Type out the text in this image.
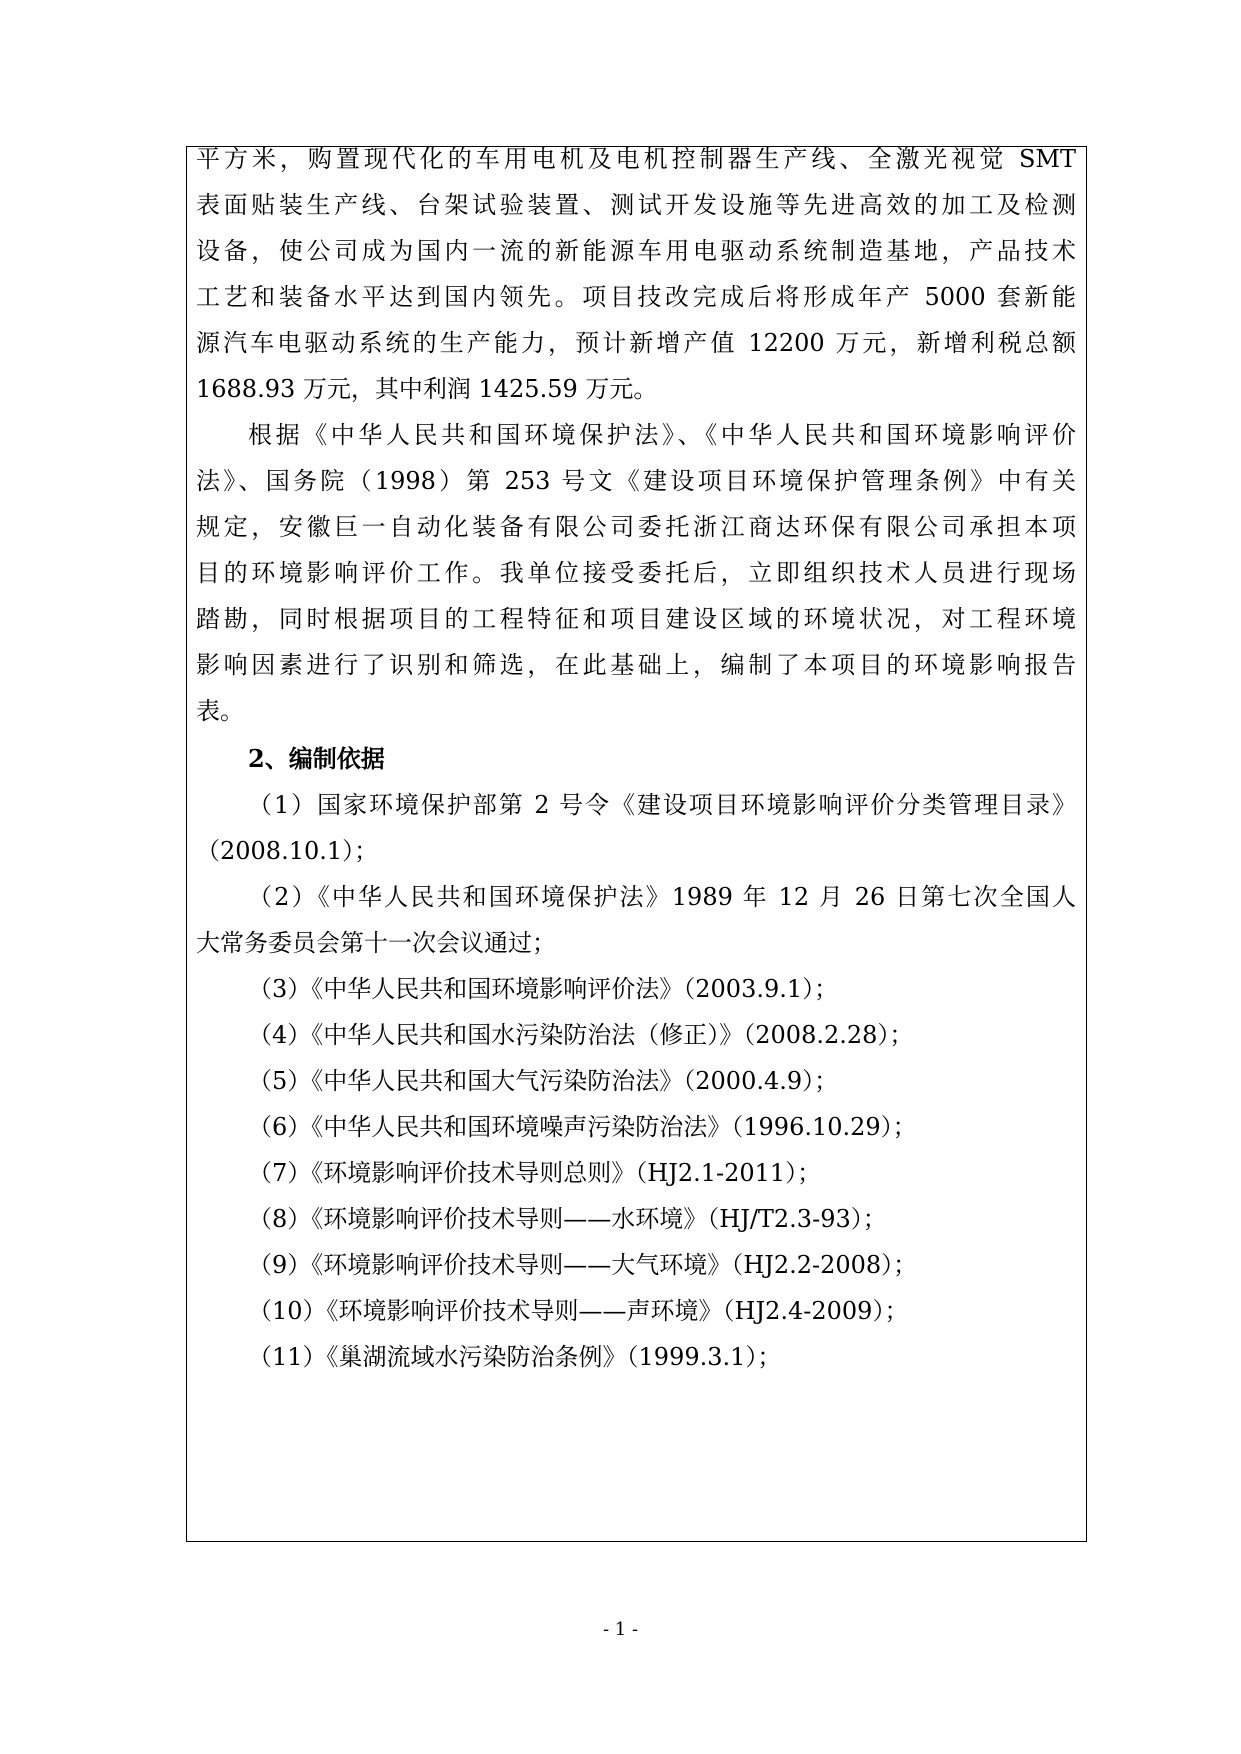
平方米，购置现代化的车用电机及电机控制器生产线、全激光视觉 SMT
表面贴装生产线、台架试验装置、测试开发设施等先进高效的加工及检测
设备，使公司成为国内一流的新能源车用电驱动系统制造基地，产品技术
工艺和装备水平达到国内领先。项目技改完成后将形成年产 5000 套新能
源汽车电驱动系统的生产能力，预计新增产值 12200 万元，新增利税总额
1688.93 万元，其中利润 1425.59 万元。
根据《中华人民共和国环境保护法》、《中华人民共和国环境影响评价
法》、国务院（1998）第 253 号文《建设项目环境保护管理条例》中有关
规定，安徽巨一自动化装备有限公司委托浙江商达环保有限公司承担本项
目的环境影响评价工作。我单位接受委托后，立即组织技术人员进行现场
踏勘，同时根据项目的工程特征和项目建设区域的环境状况，对工程环境
影响因素进行了识别和筛选，在此基础上，编制了本项目的环境影响报告
表。
2、编制依据
（1）国家环境保护部第 2 号令《建设项目环境影响评价分类管理目录》
（2008.10.1）；
（2）《中华人民共和国环境保护法》1989 年 12 月 26 日第七次全国人
大常务委员会第十一次会议通过；
（3）《中华人民共和国环境影响评价法》（2003.9.1）；
（4）《中华人民共和国水污染防治法（修正）》（2008.2.28）；
（5）《中华人民共和国大气污染防治法》（2000.4.9）；
（6）《中华人民共和国环境噪声污染防治法》（1996.10.29）；
（7）《环境影响评价技术导则总则》（HJ2.1-2011）；
（8）《环境影响评价技术导则——水环境》（HJ/T2.3-93）；
（9）《环境影响评价技术导则——大气环境》（HJ2.2-2008）；
（10）《环境影响评价技术导则——声环境》（HJ2.4-2009）；
（11）《巢湖流域水污染防治条例》（1999.3.1）；
- 1 -
